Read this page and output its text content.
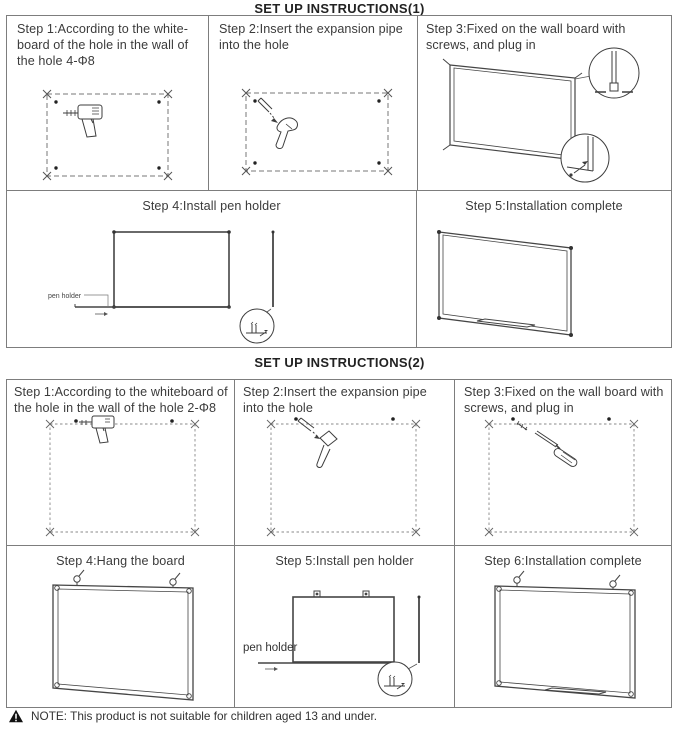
SET UP INSTRUCTIONS(1)
Step 1:According to the white-board of the hole in the wall of the hole 4-Φ8
Step 2:Insert the expansion pipe into the hole
Step 3:Fixed on the wall board with screws, and plug in
Step 4:Install pen holder
pen holder
Step 5:Installation complete
SET UP INSTRUCTIONS(2)
Step 1:According to the whiteboard of the hole in the wall of the hole 2-Φ8
Step 2:Insert the expansion pipe into the hole
Step 3:Fixed on the wall board with screws, and plug in
Step 4:Hang the board	Step 5:Install pen holder
pen holder
Step 6:Installation complete
NOTE: This product is not suitable for children aged 13 and under.
